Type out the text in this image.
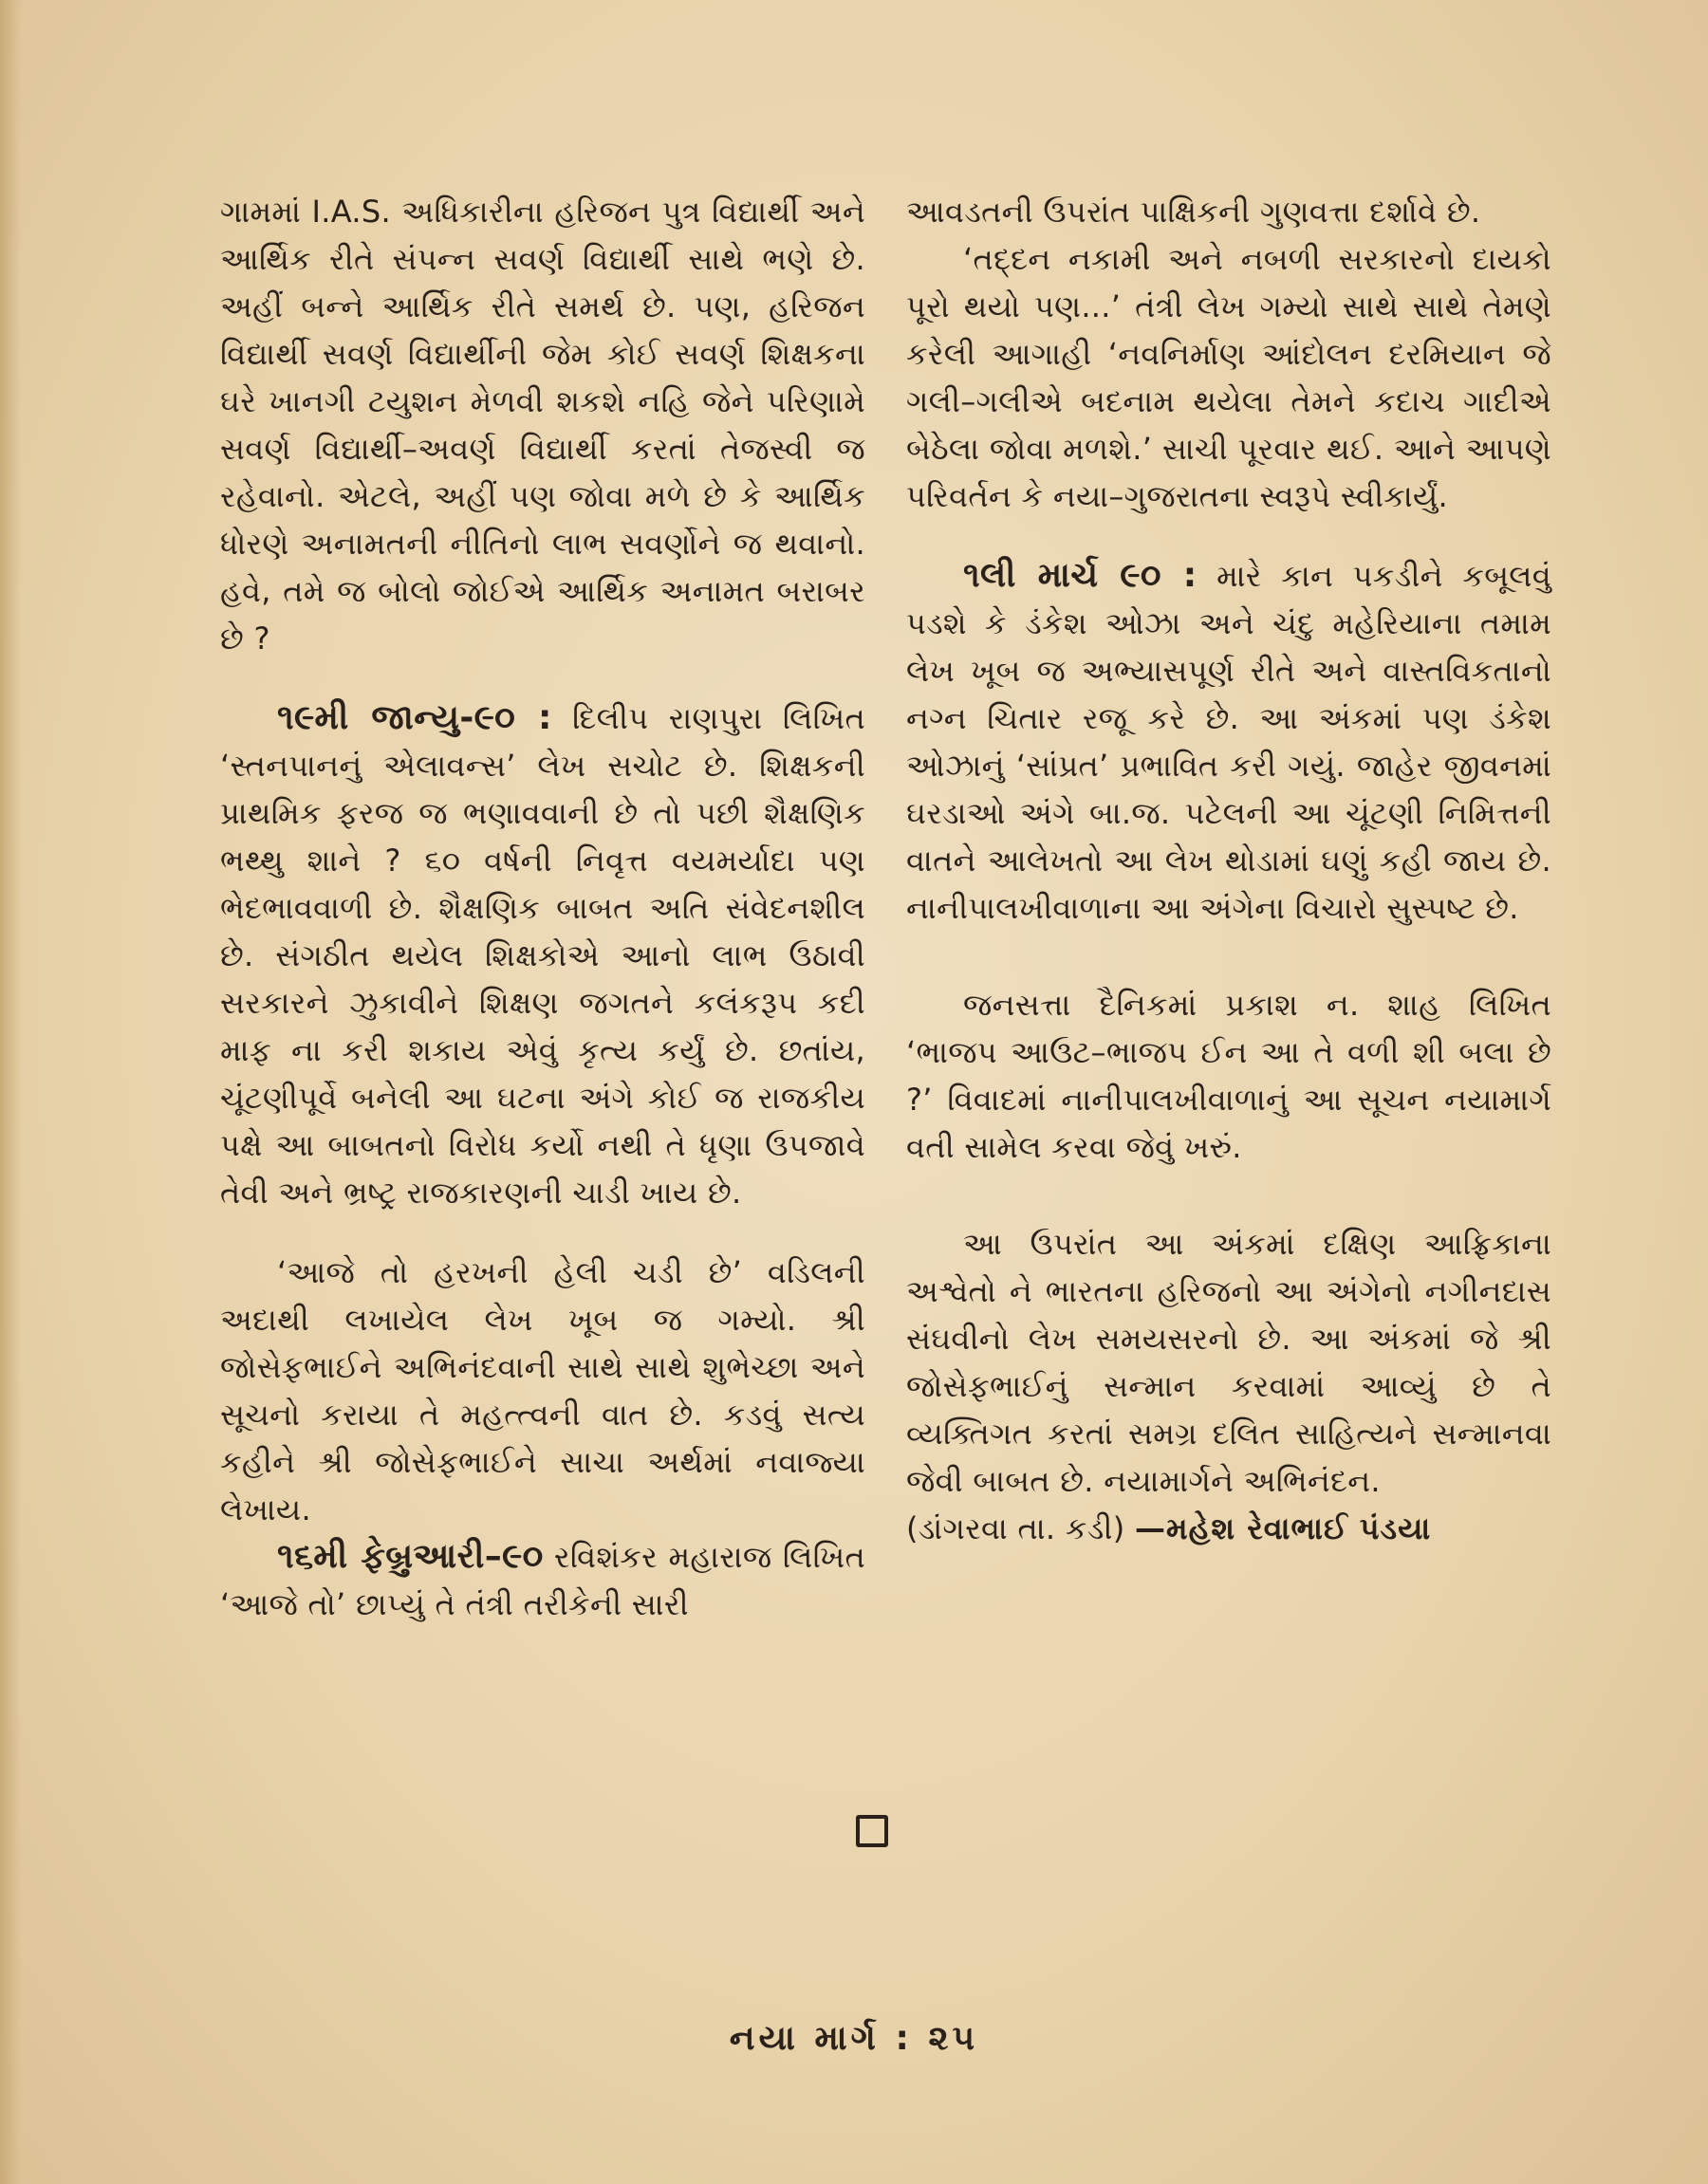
ગામમાં I.A.S. અધિકારીના હરિજન પુત્ર વિદ્યાર્થી અને આર્થિક રીતે સંપન્ન સવર્ણ વિદ્યાર્થી સાથે ભણે છે. અહીં બન્ને આર્થિક રીતે સમર્થ છે. પણ, હરિજન વિદ્યાર્થી સવર્ણ વિદ્યાર્થીની જેમ કોઈ સવર્ણ શિક્ષકના ઘરે ખાનગી ટયુશન મેળવી શકશે નહિ જેને પરિણામે સવર્ણ વિદ્યાર્થી–અવર્ણ વિદ્યાર્થી કરતાં તેજસ્વી જ રહેવાનો. એટલે, અહીં પણ જોવા મળે છે કે આર્થિક ધોરણે અનામતની નીતિનો લાભ સવર્ણોને જ થવાનો. હવે, તમે જ બોલો જોઈએ આર્થિક અનામત બરાબર છે ?

૧૯મી જાન્યુ-૯૦ : દિલીપ રાણપુરા લિખિત ‘સ્તનપાનનું એલાવન્સ’ લેખ સચોટ છે. શિક્ષકની પ્રાથમિક ફરજ જ ભણાવવાની છે તો પછી શૈક્ષણિક ભથ્થુ શાને ? ૬૦ વર્ષની નિવૃત્ત વયમર્યાદા પણ ભેદભાવવાળી છે. શૈક્ષણિક બાબત અતિ સંવેદનશીલ છે. સંગઠીત થયેલ શિક્ષકોએ આનો લાભ ઉઠાવી સરકારને ઝુકાવીને શિક્ષણ જગતને કલંકરૂપ કદી માફ ના કરી શકાય એવું કૃત્ય કર્યું છે. છતાંય, ચૂંટણીપૂર્વે બનેલી આ ઘટના અંગે કોઈ જ રાજકીય પક્ષે આ બાબતનો વિરોધ કર્યો નથી તે ધૃણા ઉપજાવે તેવી અને ભ્રષ્ટ્ર રાજકારણની ચાડી ખાય છે.

‘આજે તો હરખની હેલી ચડી છે’ વડિલની અદાથી લખાયેલ લેખ ખૂબ જ ગમ્યો. શ્રી જોસેફભાઈને અભિનંદવાની સાથે સાથે શુભેચ્છા અને સૂચનો કરાયા તે મહત્ત્વની વાત છે. કડવું સત્ય કહીને શ્રી જોસેફભાઈને સાચા અર્થમાં નવાજ્યા લેખાય.

૧૬મી ફેબ્રુઆરી–૯૦ રવિશંકર મહારાજ લિખિત ‘આજે તો’ છાપ્યું તે તંત્રી તરીકેની સારી

આવડતની ઉપરાંત પાક્ષિકની ગુણવત્તા દર્શાવે છે.

‘તદ્દન નકામી અને નબળી સરકારનો દાયકો પૂરો થયો પણ...’ તંત્રી લેખ ગમ્યો સાથે સાથે તેમણે કરેલી આગાહી ‘નવનિર્માણ આંદોલન દરમિયાન જે ગલી–ગલીએ બદનામ થયેલા તેમને કદાચ ગાદીએ બેઠેલા જોવા મળશે.’ સાચી પૂરવાર થઈ. આને આપણે પરિવર્તન કે નયા–ગુજરાતના સ્વરૂપે સ્વીકાર્યું.

૧લી માર્ચ ૯૦ : મારે કાન પકડીને કબૂલવું પડશે કે ડંકેશ ઓઝા અને ચંદુ મહેરિયાના તમામ લેખ ખૂબ જ અભ્યાસપૂર્ણ રીતે અને વાસ્તવિકતાનો નગ્ન ચિતાર રજૂ કરે છે. આ અંકમાં પણ ડંકેશ ઓઝાનું ‘સાંપ્રત’ પ્રભાવિત કરી ગયું. જાહેર જીવનમાં ઘરડાઓ અંગે બા.જ. પટેલની આ ચૂંટણી નિમિત્તની વાતને આલેખતો આ લેખ થોડામાં ઘણું કહી જાય છે. નાનીપાલખીવાળાના આ અંગેના વિચારો સુસ્પષ્ટ છે.

જનસત્તા દૈનિકમાં પ્રકાશ ન. શાહ લિખિત ‘ભાજપ આઉટ–ભાજપ ઈન આ તે વળી શી બલા છે ?’ વિવાદમાં નાનીપાલખીવાળાનું આ સૂચન નયામાર્ગ વતી સામેલ કરવા જેવું ખરું.

આ ઉપરાંત આ અંકમાં દક્ષિણ આફ્રિકાના અશ્વેતો ને ભારતના હરિજનો આ અંગેનો નગીનદાસ સંઘવીનો લેખ સમયસરનો છે. આ અંકમાં જે શ્રી જોસેફભાઈનું સન્માન કરવામાં આવ્યું છે તે વ્યક્તિગત કરતાં સમગ્ર દલિત સાહિત્યને સન્માનવા જેવી બાબત છે. નયામાર્ગને અભિનંદન.

(ડાંગરવા તા. કડી) —મહેશ રેવાભાઈ પંડયા

નયા માર્ગ : ૨૫
